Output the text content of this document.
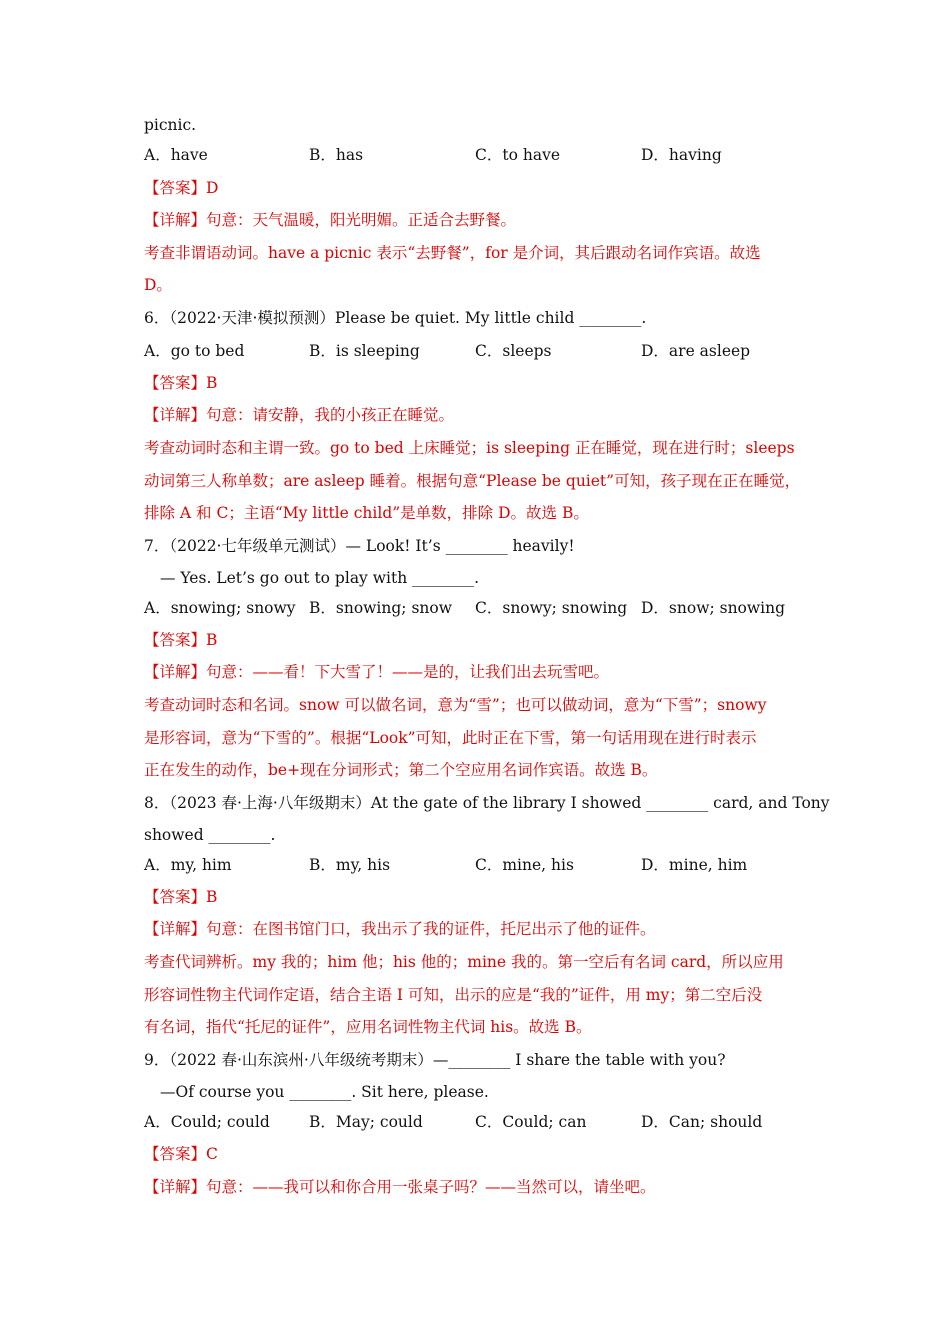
picnic.
A．have	B．has	C．to have	D．having
【答案】D
【详解】句意：天气温暖，阳光明媚。正适合去野餐。
考查非谓语动词。have a picnic 表示“去野餐”，for 是介词，其后跟动名词作宾语。故选
D。
6．（2022·天津·模拟预测）Please be quiet. My little child ________.
A．go to bed	B．is sleeping	C．sleeps	D．are asleep
【答案】B
【详解】句意：请安静，我的小孩正在睡觉。
考查动词时态和主谓一致。go to bed 上床睡觉；is sleeping 正在睡觉，现在进行时；sleeps
动词第三人称单数；are asleep 睡着。根据句意“Please be quiet”可知，孩子现在正在睡觉，
排除 A 和 C；主语“My little child”是单数，排除 D。故选 B。
7．（2022·七年级单元测试）— Look! It’s ________ heavily!
— Yes. Let’s go out to play with ________.
A．snowing; snowy B．snowing; snow C．snowy; snowing D．snow; snowing
【答案】B
【详解】句意：——看！下大雪了！——是的，让我们出去玩雪吧。
考查动词时态和名词。snow 可以做名词，意为“雪”；也可以做动词，意为“下雪”；snowy
是形容词，意为“下雪的”。根据“Look”可知，此时正在下雪，第一句话用现在进行时表示
正在发生的动作，be+现在分词形式；第二个空应用名词作宾语。故选 B。
8．（2023 春·上海·八年级期末）At the gate of the library I showed ________ card, and Tony
showed ________.
A．my, him	B．my, his	C．mine, his	D．mine, him
【答案】B
【详解】句意：在图书馆门口，我出示了我的证件，托尼出示了他的证件。
考查代词辨析。my 我的；him 他；his 他的；mine 我的。第一空后有名词 card，所以应用
形容词性物主代词作定语，结合主语 I 可知，出示的应是“我的”证件，用 my；第二空后没
有名词，指代“托尼的证件”，应用名词性物主代词 his。故选 B。
9．（2022 春·山东滨州·八年级统考期末）—________ I share the table with you?
—Of course you ________. Sit here, please.
A．Could; could	B．May; could	C．Could; can	D．Can; should
【答案】C
【详解】句意：——我可以和你合用一张桌子吗？——当然可以，请坐吧。
